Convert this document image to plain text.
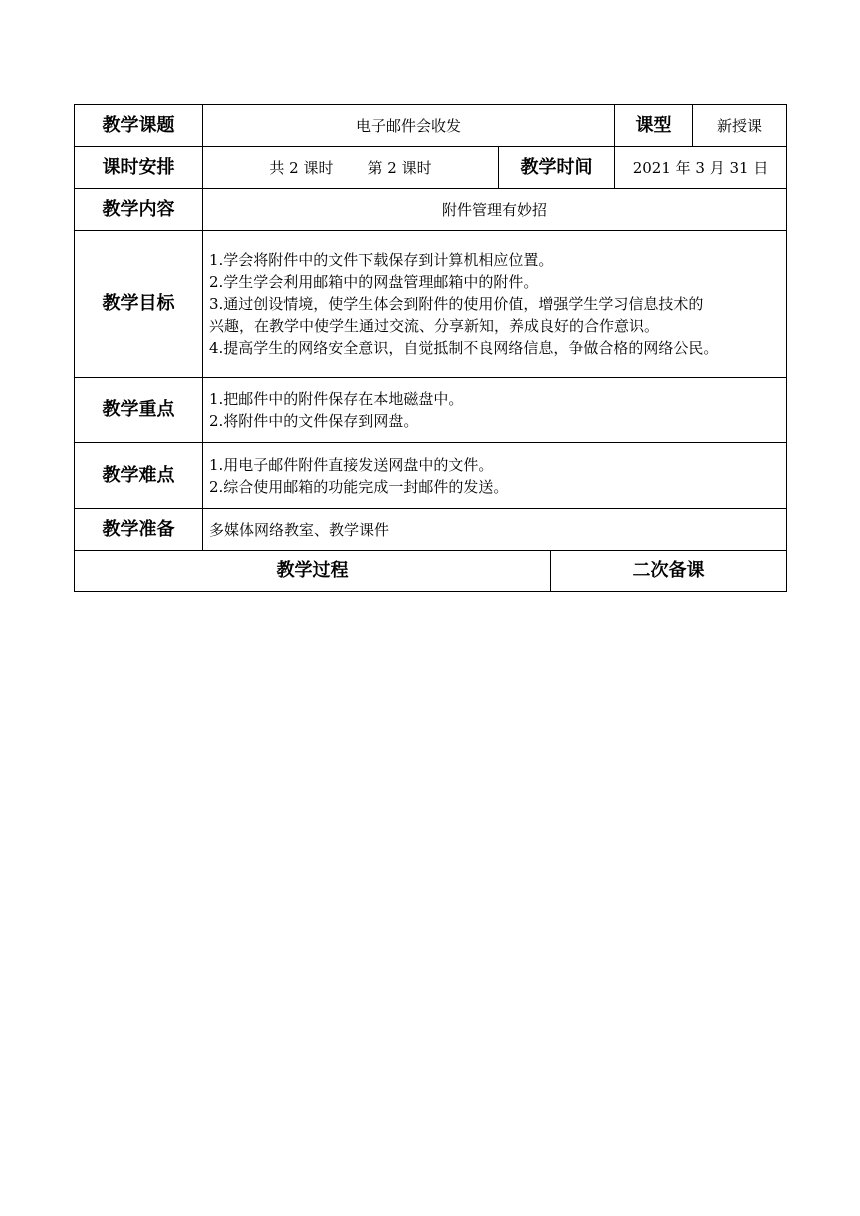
教学课题	电子邮件会收发			课型	新授课
课时安排	共 2 课时 第 2 课时	教学时间		2021 年 3 月 31 日	
教学内容	附件管理有妙招				
教学目标	1.学会将附件中的文件下载保存到计算机相应位置。
2.学生学会利用邮箱中的网盘管理邮箱中的附件。
3.通过创设情境，使学生体会到附件的使用价值，增强学生学习信息技术的
兴趣，在教学中使学生通过交流、分享新知，养成良好的合作意识。
4.提高学生的网络安全意识，自觉抵制不良网络信息，争做合格的网络公民。				

教学重点	1.把邮件中的附件保存在本地磁盘中。
2.将附件中的文件保存到网盘。				

教学难点	1.用电子邮件附件直接发送网盘中的文件。
2.综合使用邮箱的功能完成一封邮件的发送。				

教学准备	多媒体网络教室、教学课件				
教学过程			二次备课		
